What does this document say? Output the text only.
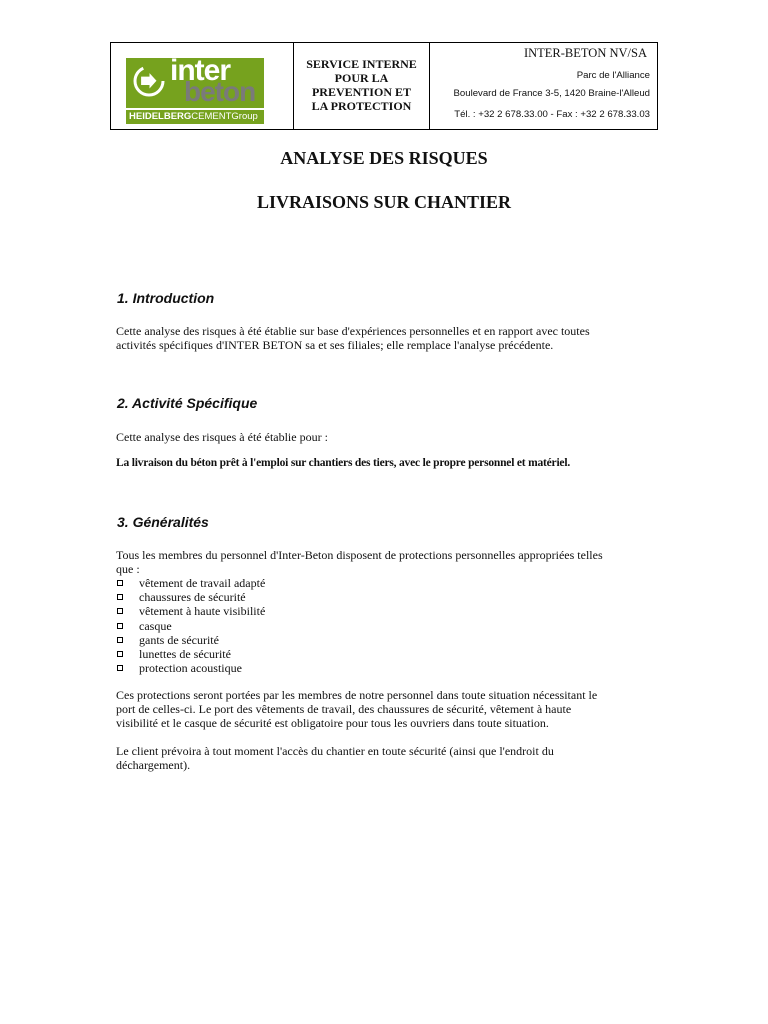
inter
beton
HEIDELBERGCEMENTGroup
SERVICE INTERNE
POUR LA
PREVENTION ET
LA PROTECTION
INTER-BETON NV/SA
Parc de l'Alliance
Boulevard de France 3-5, 1420 Braine-l'Alleud
Tél. : +32 2 678.33.00 - Fax : +32 2 678.33.03
ANALYSE DES RISQUES
LIVRAISONS SUR CHANTIER
1. Introduction
Cette analyse des risques à été établie sur base d'expériences personnelles et en rapport avec toutes
activités spécifiques d'INTER BETON sa et ses filiales; elle remplace l'analyse précédente.
2. Activité Spécifique
Cette analyse des risques à été établie pour :
La livraison du béton prêt à l'emploi sur chantiers des tiers, avec le propre personnel et matériel.
3. Généralités
Tous les membres du personnel d'Inter-Beton disposent de protections personnelles appropriées telles
que :
vêtement de travail adapté
chaussures de sécurité
vêtement à haute visibilité
casque
gants de sécurité
lunettes de sécurité
protection acoustique
Ces protections seront portées par les membres de notre personnel dans toute situation nécessitant le
port de celles-ci. Le port des vêtements de travail, des chaussures de sécurité, vêtement à haute
visibilité et le casque de sécurité est obligatoire pour tous les ouvriers dans toute situation.
Le client prévoira à tout moment l'accès du chantier en toute sécurité (ainsi que l'endroit du
déchargement).
